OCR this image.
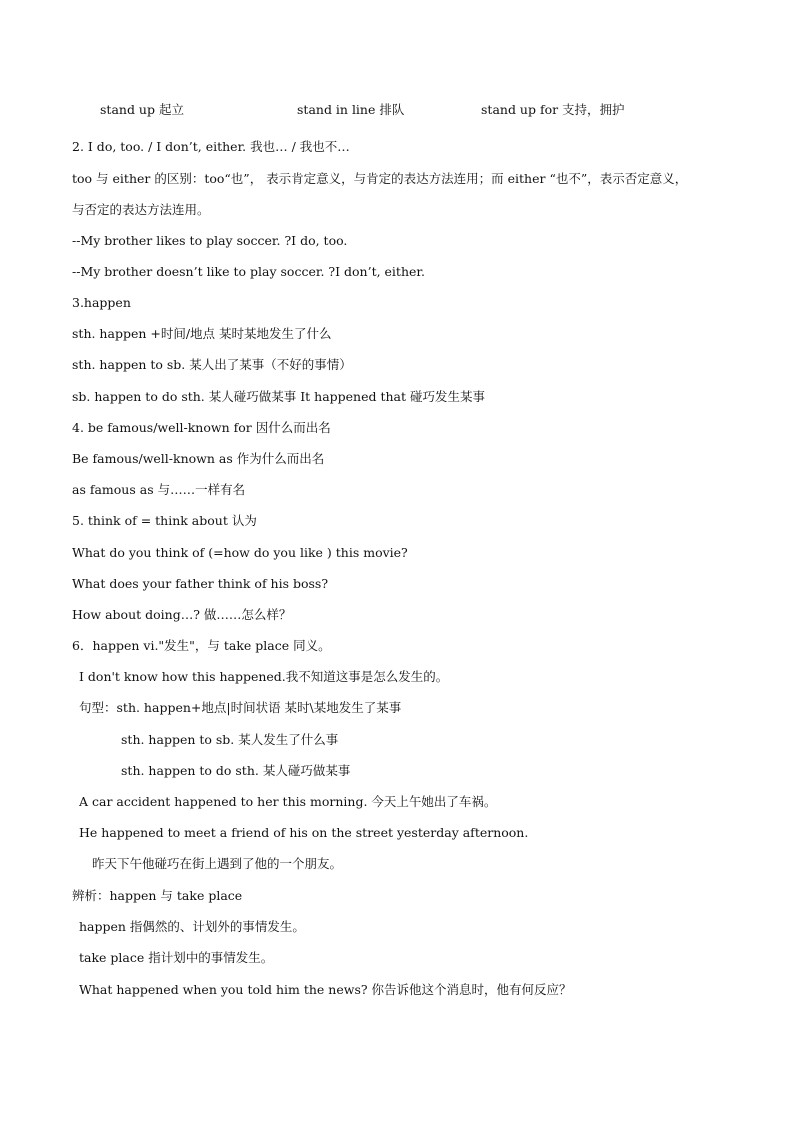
stand up 起立	stand in line 排队	stand up for 支持，拥护
2. I do, too. / I don’t, either. 我也… / 我也不…
too 与 either 的区别：too“也”， 表示肯定意义，与肯定的表达方法连用；而 either “也不”，表示否定意义，
与否定的表达方法连用。
--My brother likes to play soccer. ?I do, too.
--My brother doesn’t like to play soccer. ?I don’t, either.
3.happen
sth. happen +时间/地点 某时某地发生了什么
sth. happen to sb. 某人出了某事（不好的事情）
sb. happen to do sth. 某人碰巧做某事 It happened that 碰巧发生某事
4. be famous/well-known for 因什么而出名
Be famous/well-known as 作为什么而出名
as famous as 与……一样有名
5. think of = think about 认为
What do you think of (=how do you like ) this movie?
What does your father think of his boss?
How about doing…? 做……怎么样？
6．happen vi."发生"，与 take place 同义。
I don't know how this happened.我不知道这事是怎么发生的。
句型：sth. happen+地点|时间状语 某时\某地发生了某事
sth. happen to sb. 某人发生了什么事
sth. happen to do sth. 某人碰巧做某事
A car accident happened to her this morning. 今天上午她出了车祸。
He happened to meet a friend of his on the street yesterday afternoon.
昨天下午他碰巧在街上遇到了他的一个朋友。
辨析：happen 与 take place
happen 指偶然的、计划外的事情发生。
take place 指计划中的事情发生。
What happened when you told him the news? 你告诉他这个消息时，他有何反应？
